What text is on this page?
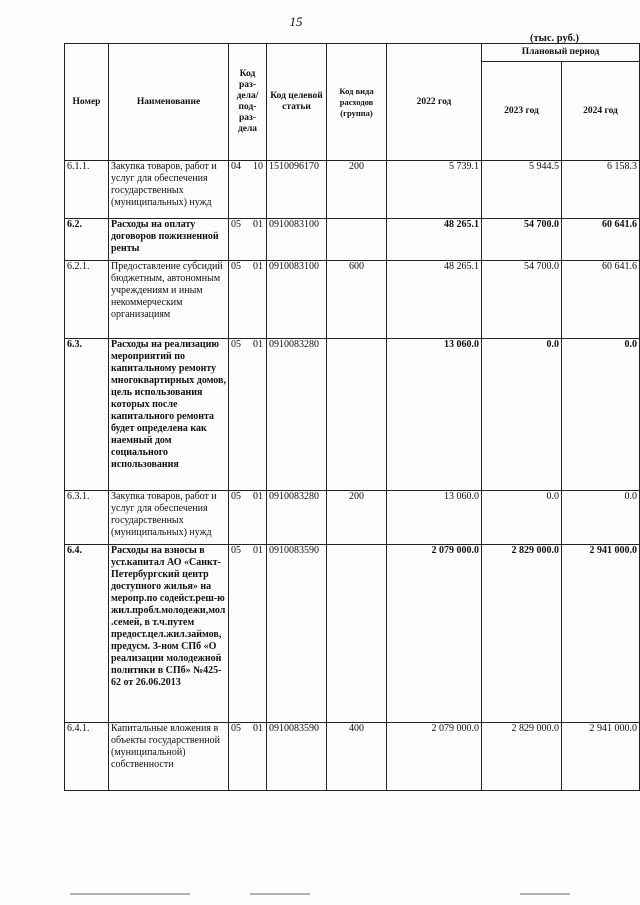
15
(тыс. руб.)
Номер	Наименование	Код раз-дела/под-раз-дела	Код целевой статьи	Код вида расходов (группа)	2022 год	Плановый период	
						2023 год	2024 год
6.1.1.	Закупка товаров, работ и услуг для обеспечения государственных (муниципальных) нужд	04 10	1510096170	200	5 739.1	5 944.5	6 158.3
6.2.	Расходы на оплату договоров пожизненной ренты	05 01	0910083100		48 265.1	54 700.0	60 641.6
6.2.1.	Предоставление субсидий бюджетным, автономным учреждениям и иным некоммерческим организациям	05 01	0910083100	600	48 265.1	54 700.0	60 641.6
6.3.	Расходы на реализацию мероприятий по капитальному ремонту многоквартирных домов, цель использования которых после капитального ремонта будет определена как наемный дом социального использования	05 01	0910083280		13 060.0	0.0	0.0
6.3.1.	Закупка товаров, работ и услуг для обеспечения государственных (муниципальных) нужд	05 01	0910083280	200	13 060.0	0.0	0.0
6.4.	Расходы на взносы в уст.капитал АО «Санкт-Петербургский центр доступного жилья» на меропр.по содейст.реш-ю жил.пробл.молодежи,мол.семей, в т.ч.путем предост.цел.жил.займов, предусм. З-ном СПб «О реализации молодежной политики в СПб» №425-62 от 26.06.2013	05 01	0910083590		2 079 000.0	2 829 000.0	2 941 000.0
6.4.1.	Капитальные вложения в объекты государственной (муниципальной) собственности	05 01	0910083590	400	2 079 000.0	2 829 000.0	2 941 000.0
